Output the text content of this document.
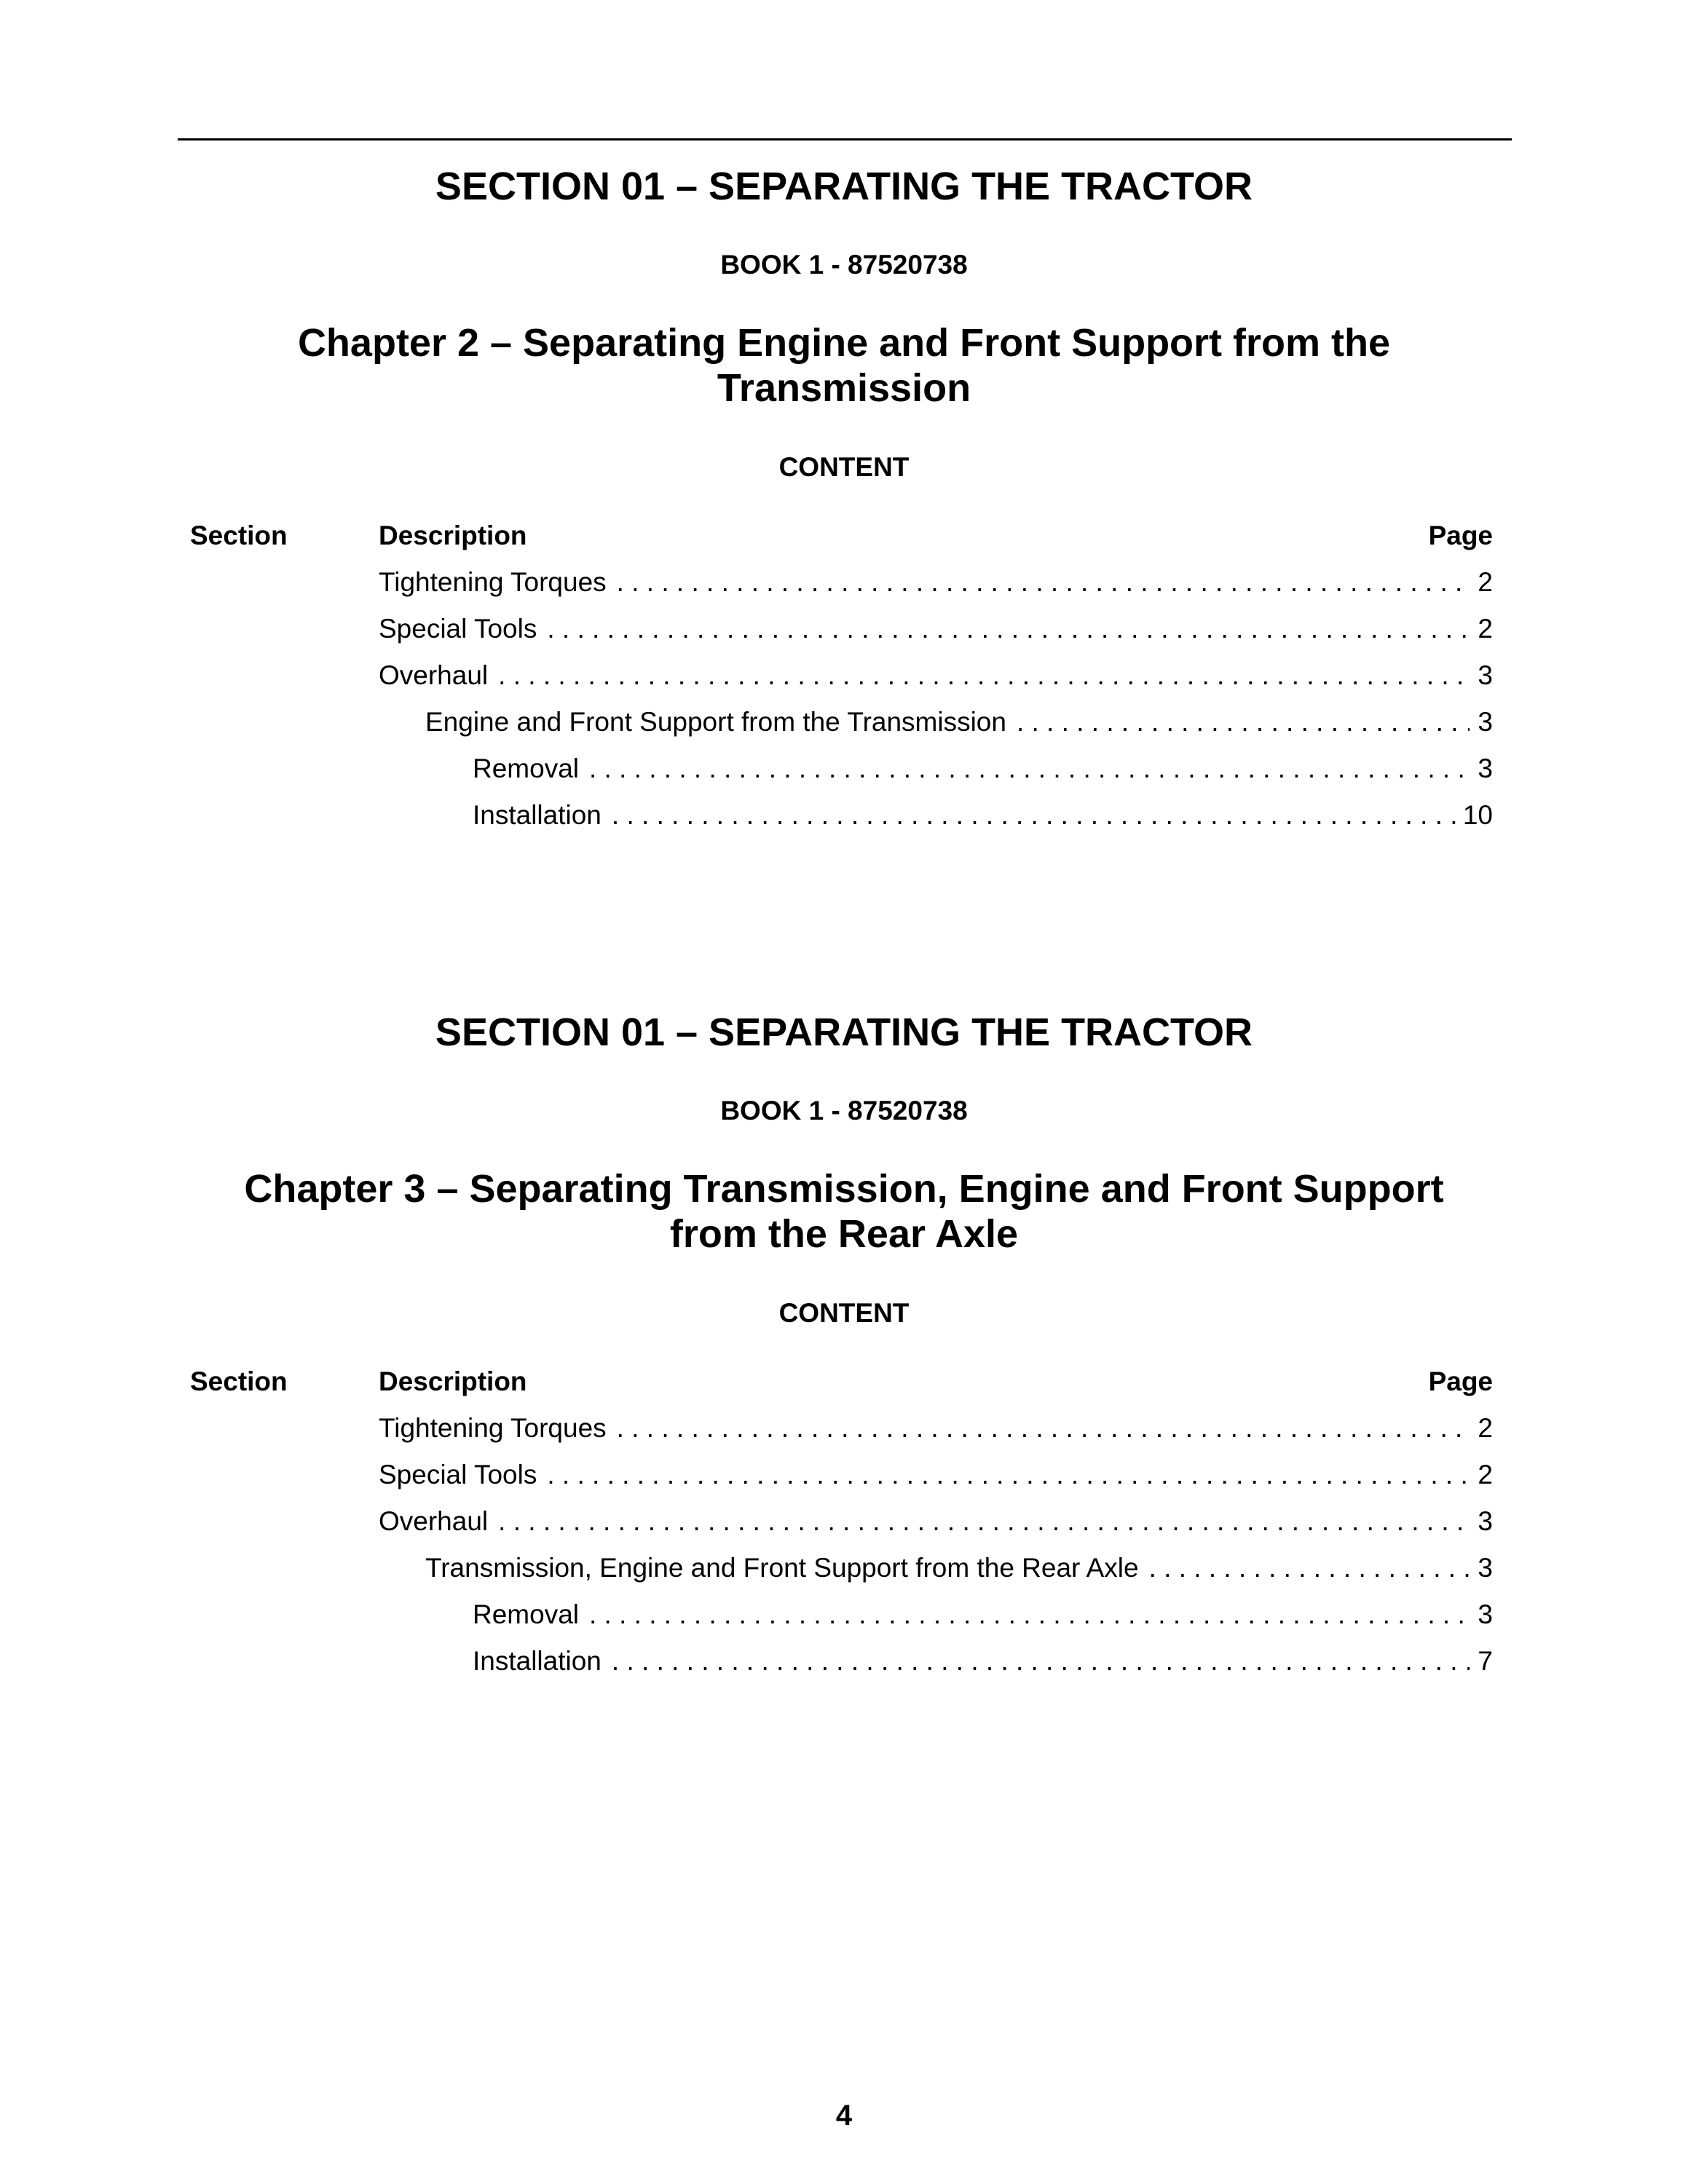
SECTION 01 – SEPARATING THE TRACTOR
BOOK 1 - 87520738
Chapter 2 – Separating Engine and Front Support from the Transmission
CONTENT
Section	Description	Page
Tightening Torques . . .	2
Special Tools . . .	2
Overhaul . . .	3
Engine and Front Support from the Transmission . . .	3
Removal . . .	3
Installation . . .	10
SECTION 01 – SEPARATING THE TRACTOR
BOOK 1 - 87520738
Chapter 3 – Separating Transmission, Engine and Front Support from the Rear Axle
CONTENT
Section	Description	Page
Tightening Torques . . .	2
Special Tools . . .	2
Overhaul . . .	3
Transmission, Engine and Front Support from the Rear Axle . . .	3
Removal . . .	3
Installation . . .	7
4
